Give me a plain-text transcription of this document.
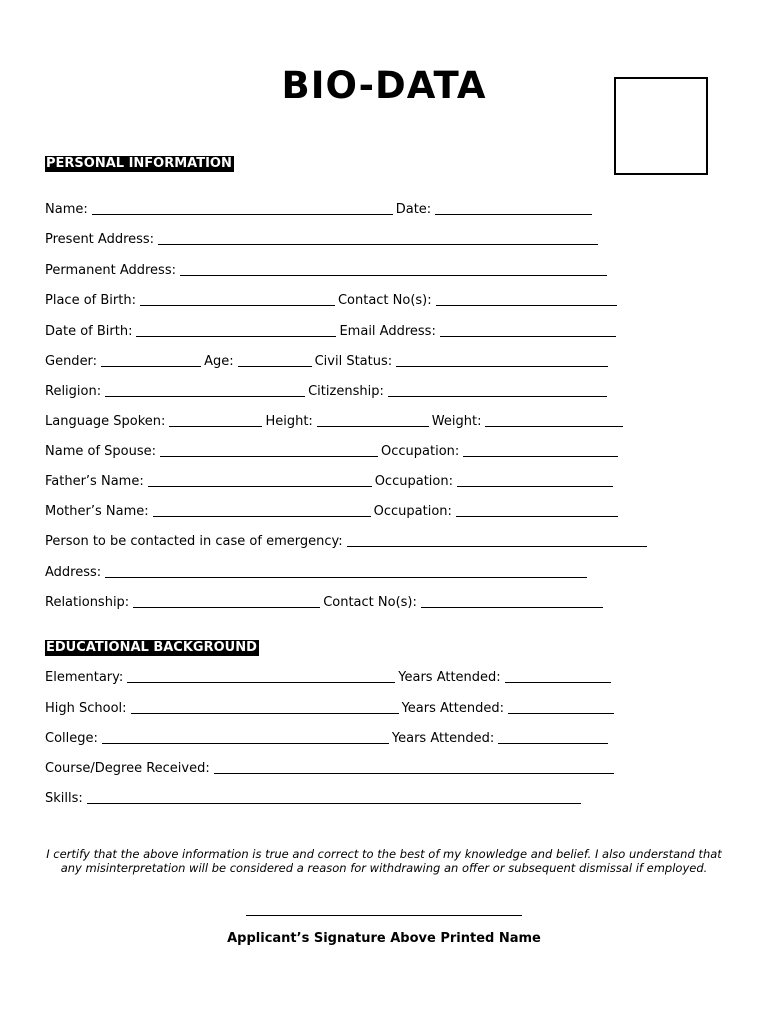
BIO-DATA
PERSONAL INFORMATION
Name:	Date:
Present Address:
Permanent Address:
Place of Birth:	Contact No(s):
Date of Birth:	Email Address:
Gender:	Age:	Civil Status:
Religion:	Citizenship:
Language Spoken:	Height:	Weight:
Name of Spouse:	Occupation:
Father’s Name:	Occupation:
Mother’s Name:	Occupation:
Person to be contacted in case of emergency:
Address:
Relationship:	Contact No(s):
EDUCATIONAL BACKGROUND
Elementary:	Years Attended:
High School:	Years Attended:
College:	Years Attended:
Course/Degree Received:
Skills:
I certify that the above information is true and correct to the best of my knowledge and belief. I also understand that any misinterpretation will be considered a reason for withdrawing an offer or subsequent dismissal if employed.
Applicant’s Signature Above Printed Name
